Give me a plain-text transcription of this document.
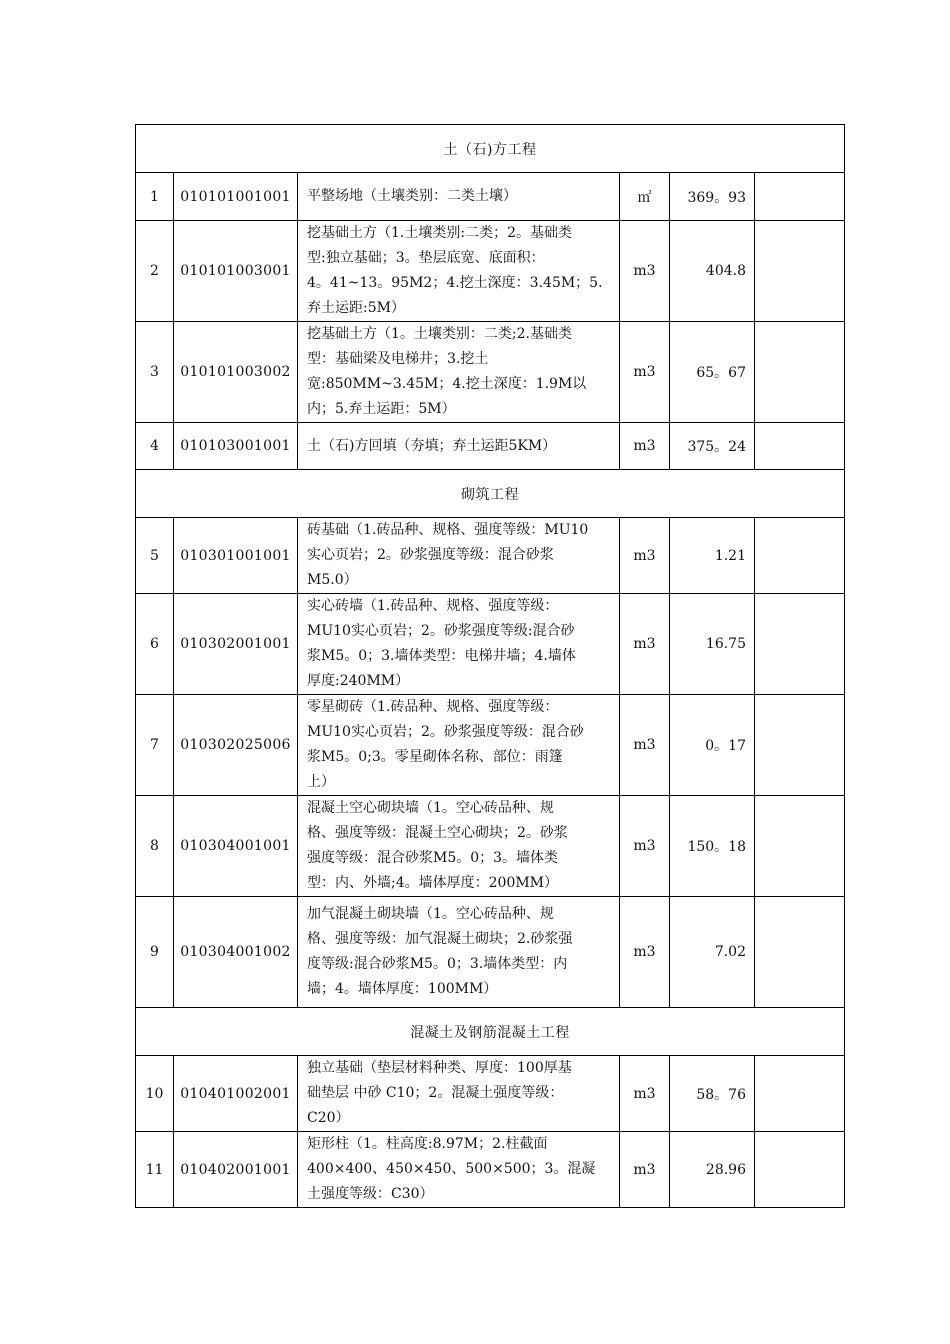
土（石)方工程					
1	010101001001	平整场地（土壤类别：二类土壤）	㎡	369。93	
2	010101003001	挖基础土方（1.土壤类别:二类；2。基础类
型:独立基础；3。垫层底宽、底面积：
4。41~13。95M2；4.挖土深度：3.45M；5.
弃土运距:5M）	m3	404.8	
3	010101003002	挖基础土方（1。土壤类别：二类;2.基础类
型：基础梁及电梯井；3.挖土
宽:850MM~3.45M；4.挖土深度：1.9M以
内；5.弃土运距：5M）	m3	65。67	
4	010103001001	土（石)方回填（夯填；弃土运距5KM）	m3	375。24	
砌筑工程					
5	010301001001	砖基础（1.砖品种、规格、强度等级：MU10
实心页岩；2。砂浆强度等级：混合砂浆
M5.0）	m3	1.21	
6	010302001001	实心砖墙（1.砖品种、规格、强度等级：
MU10实心页岩；2。砂浆强度等级:混合砂
浆M5。0；3.墙体类型：电梯井墙；4.墙体
厚度:240MM）	m3	16.75	
7	010302025006	零星砌砖（1.砖品种、规格、强度等级：
MU10实心页岩；2。砂浆强度等级：混合砂
浆M5。0;3。零星砌体名称、部位：雨篷
上）	m3	0。17	
8	010304001001	混凝土空心砌块墙（1。空心砖品种、规
格、强度等级：混凝土空心砌块；2。砂浆
强度等级：混合砂浆M5。0；3。墙体类
型：内、外墙;4。墙体厚度：200MM）	m3	150。18	
9	010304001002	加气混凝土砌块墙（1。空心砖品种、规
格、强度等级：加气混凝土砌块；2.砂浆强
度等级:混合砂浆M5。0；3.墙体类型：内
墙；4。墙体厚度：100MM）	m3	7.02	
混凝土及钢筋混凝土工程					
10	010401002001	独立基础（垫层材料种类、厚度：100厚基
础垫层 中砂 C10；2。混凝土强度等级：
C20）	m3	58。76	
11	010402001001	矩形柱（1。柱高度:8.97M；2.柱截面
400×400、450×450、500×500；3。混凝
土强度等级：C30）	m3	28.96	
